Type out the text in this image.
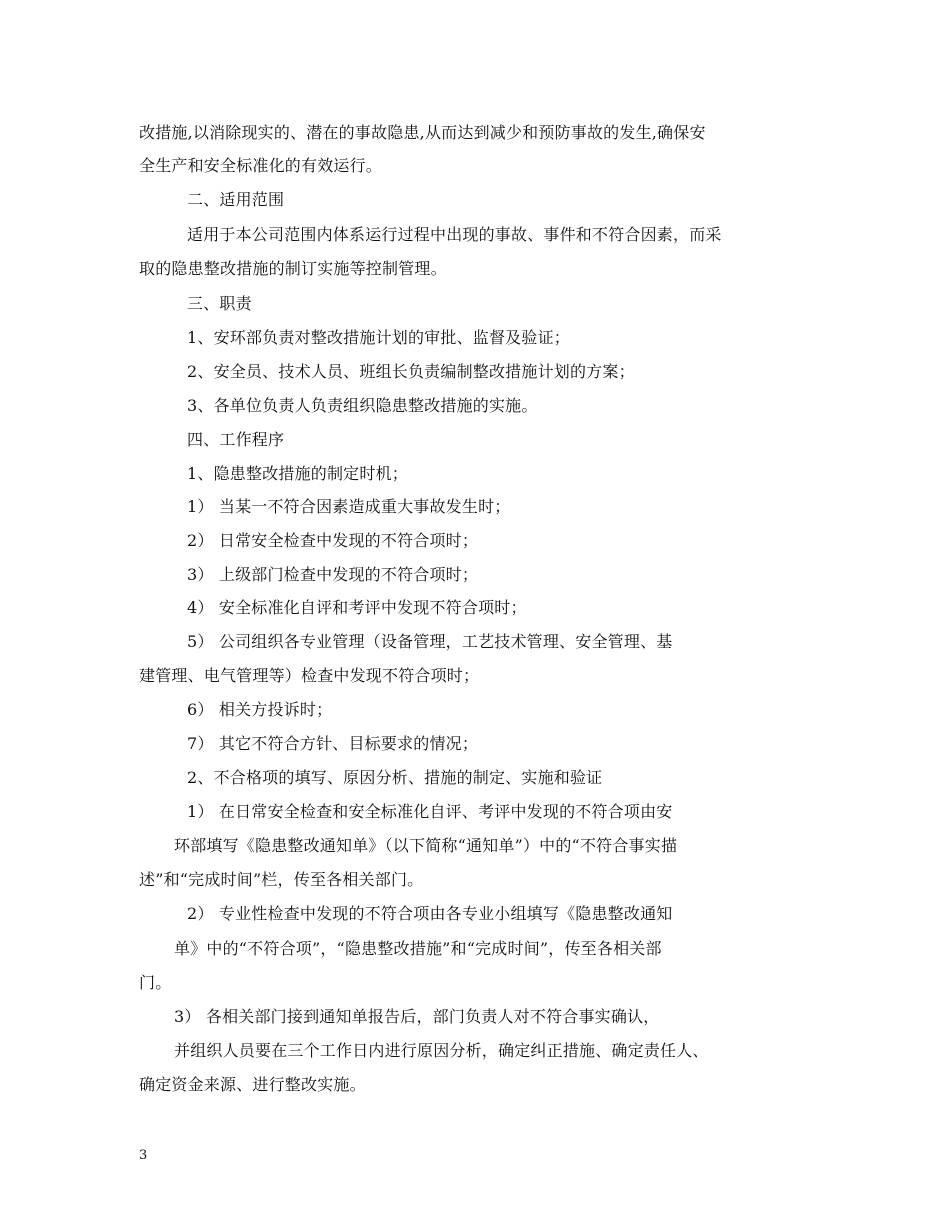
改措施,以消除现实的、潜在的事故隐患,从而达到减少和预防事故的发生,确保安
全生产和安全标准化的有效运行。
二、适用范围
适用于本公司范围内体系运行过程中出现的事故、事件和不符合因素，而采
取的隐患整改措施的制订实施等控制管理。
三、职责
1、安环部负责对整改措施计划的审批、监督及验证；
2、安全员、技术人员、班组长负责编制整改措施计划的方案；
3、各单位负责人负责组织隐患整改措施的实施。
四、工作程序
1、隐患整改措施的制定时机；
1） 当某一不符合因素造成重大事故发生时；
2） 日常安全检查中发现的不符合项时；
3） 上级部门检查中发现的不符合项时；
4） 安全标准化自评和考评中发现不符合项时；
5） 公司组织各专业管理（设备管理，工艺技术管理、安全管理、基
建管理、电气管理等）检查中发现不符合项时；
6） 相关方投诉时；
7） 其它不符合方针、目标要求的情况；
2、不合格项的填写、原因分析、措施的制定、实施和验证
1） 在日常安全检查和安全标准化自评、考评中发现的不符合项由安
环部填写《隐患整改通知单》（以下简称“通知单”）中的“不符合事实描
述”和“完成时间”栏，传至各相关部门。
2） 专业性检查中发现的不符合项由各专业小组填写《隐患整改通知
单》中的“不符合项”，“隐患整改措施”和“完成时间”，传至各相关部
门。
3） 各相关部门接到通知单报告后，部门负责人对不符合事实确认，
并组织人员要在三个工作日内进行原因分析，确定纠正措施、确定责任人、
确定资金来源、进行整改实施。
3
